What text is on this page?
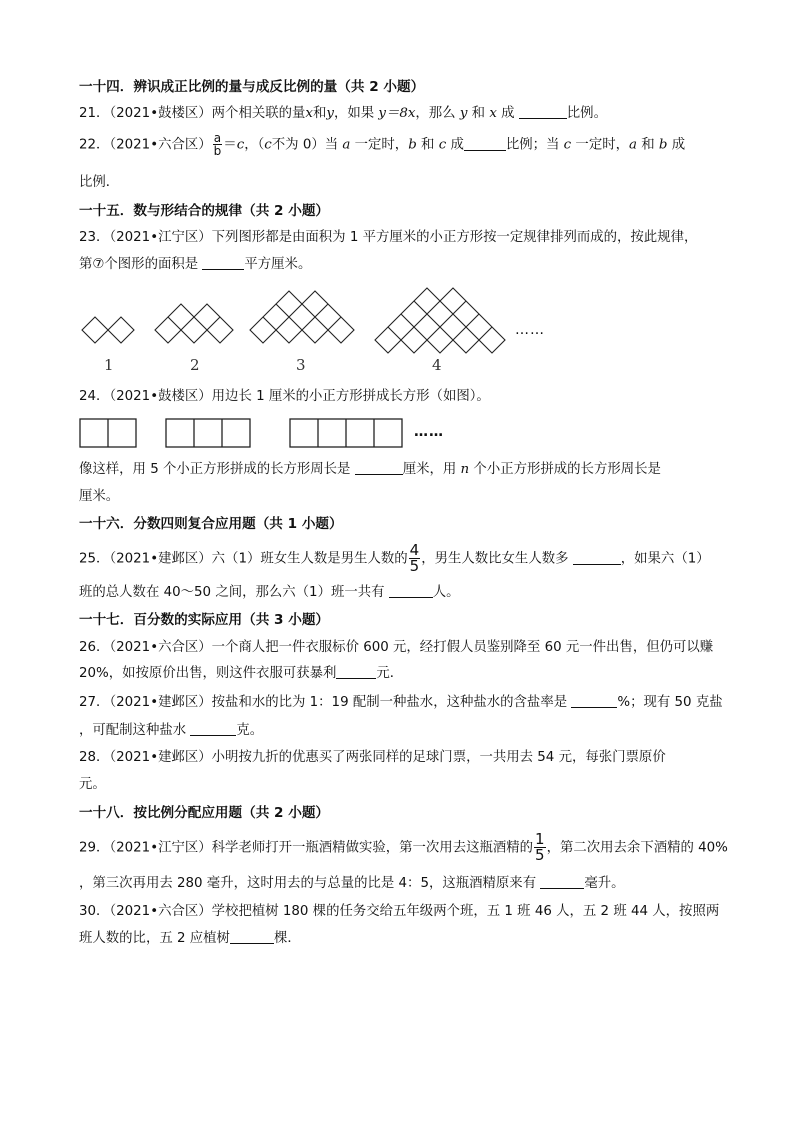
一十四．辨识成正比例的量与成反比例的量（共 2 小题）
21．（2021•鼓楼区）两个相关联的量x和y，如果 y＝8x，那么 y 和 x 成	比例。
22．（2021•六合区） $\frac{a}{b} =c$，（c不为 0）当 a 一定时，b 和 c 成	比例；当 c 一定时，a 和 b 成
比例．
一十五．数与形结合的规律（共 2 小题）
23．（2021•江宁区）下列图形都是由面积为 1 平方厘米的小正方形按一定规律排列而成的，按此规律，
第⑦个图形的面积是	平方厘米。
1	2	3	4
……
24．（2021•鼓楼区）用边长 1 厘米的小正方形拼成长方形（如图）。
……
像这样，用 5 个小正方形拼成的长方形周长是	厘米，用 n 个小正方形拼成的长方形周长是
厘米。
一十六．分数四则复合应用题（共 1 小题）
25．（2021•建邺区）六（1）班女生人数是男生人数的 $\frac{4}{5}$ ，男生人数比女生人数多	，如果六（1）
班的总人数在 40～50 之间，那么六（1）班一共有	人。
一十七．百分数的实际应用（共 3 小题）
26．（2021•六合区）一个商人把一件衣服标价 600 元，经打假人员鉴别降至 60 元一件出售，但仍可以赚
20%，如按原价出售，则这件衣服可获暴利	元．
27．（2021•建邺区）按盐和水的比为 1：19 配制一种盐水，这种盐水的含盐率是	%；现有 50 克盐
，可配制这种盐水	克。
28．（2021•建邺区）小明按九折的优惠买了两张同样的足球门票，一共用去 54 元，每张门票原价
元。
一十八．按比例分配应用题（共 2 小题）
29．（2021•江宁区）科学老师打开一瓶酒精做实验，第一次用去这瓶酒精的 $\frac{1}{5}$ ，第二次用去余下酒精的 40%
，第三次再用去 280 毫升，这时用去的与总量的比是 4：5，这瓶酒精原来有	毫升。
30．（2021•六合区）学校把植树 180 棵的任务交给五年级两个班，五 1 班 46 人，五 2 班 44 人，按照两
班人数的比，五 2 应植树	棵．
